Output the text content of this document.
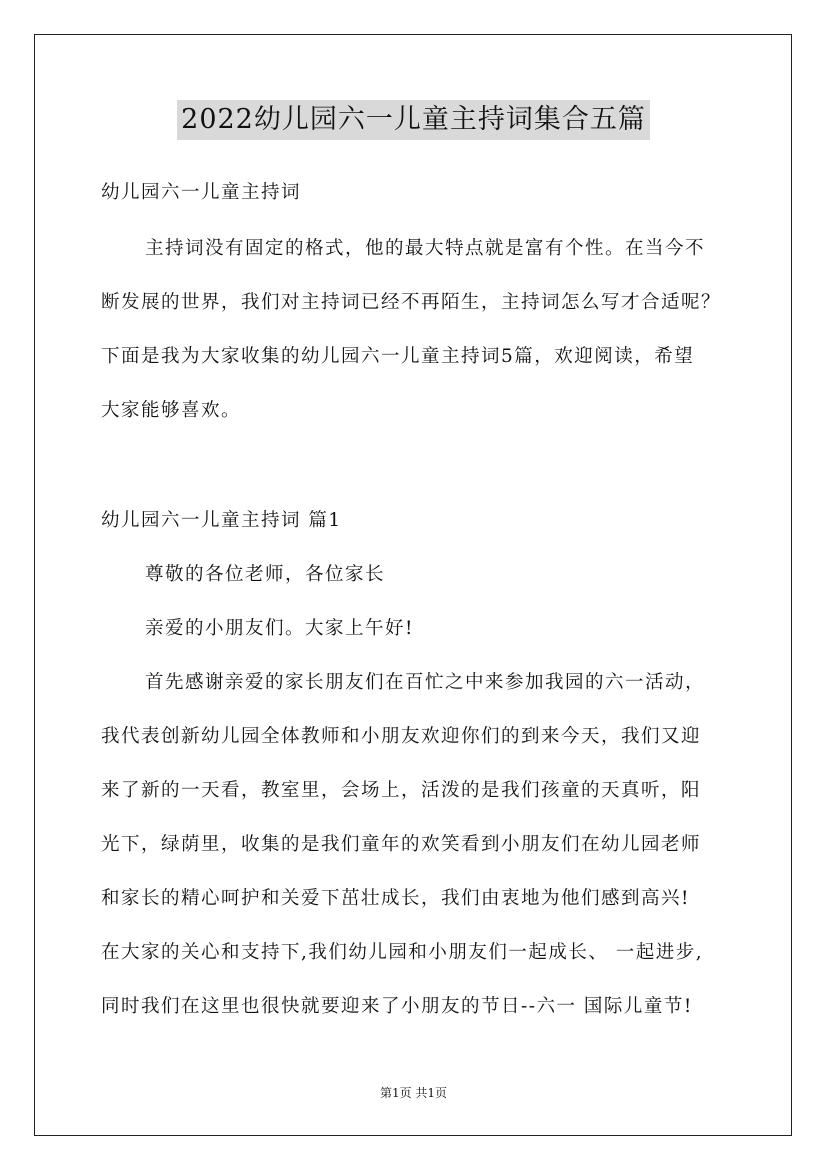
2022幼儿园六一儿童主持词集合五篇
幼儿园六一儿童主持词
主持词没有固定的格式，他的最大特点就是富有个性。在当今不
断发展的世界，我们对主持词已经不再陌生，主持词怎么写才合适呢？
下面是我为大家收集的幼儿园六一儿童主持词5篇，欢迎阅读，希望
大家能够喜欢。
幼儿园六一儿童主持词 篇1
尊敬的各位老师，各位家长
亲爱的小朋友们。大家上午好!
首先感谢亲爱的家长朋友们在百忙之中来参加我园的六一活动，
我代表创新幼儿园全体教师和小朋友欢迎你们的到来今天，我们又迎
来了新的一天看，教室里，会场上，活泼的是我们孩童的天真听，阳
光下，绿荫里，收集的是我们童年的欢笑看到小朋友们在幼儿园老师
和家长的精心呵护和关爱下茁壮成长，我们由衷地为他们感到高兴!
在大家的关心和支持下,我们幼儿园和小朋友们一起成长、 一起进步,
同时我们在这里也很快就要迎来了小朋友的节日--六一 国际儿童节!
第1页 共1页
